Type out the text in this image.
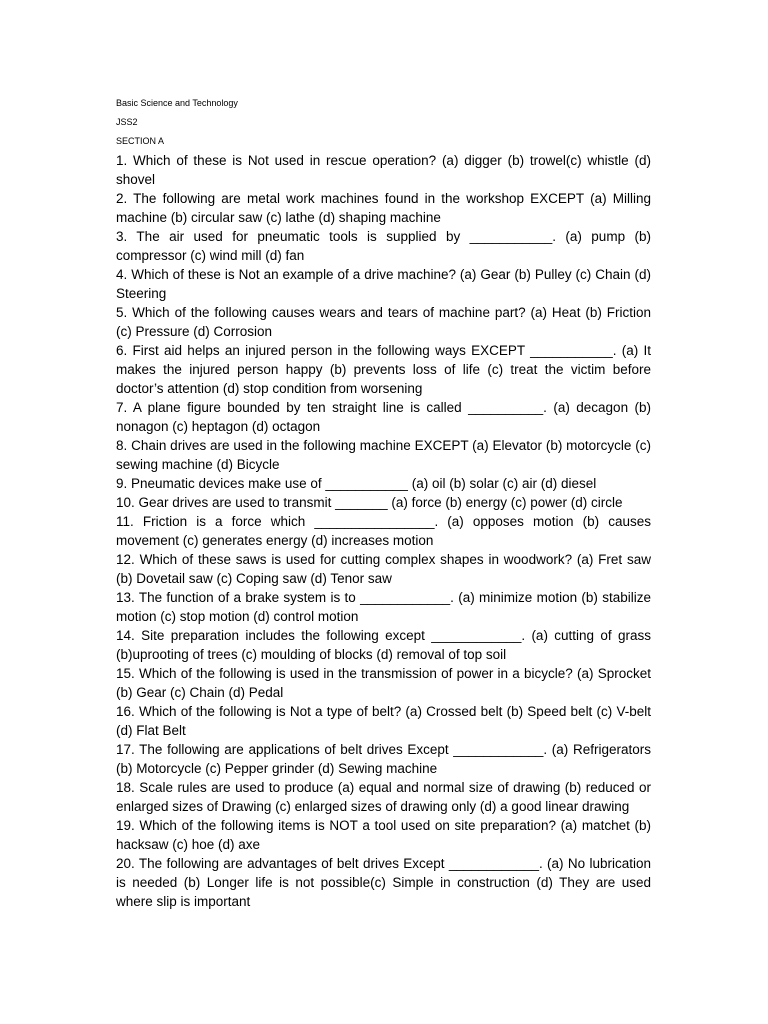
Basic Science and Technology
JSS2
SECTION A

1. Which of these is Not used in rescue operation? (a) digger (b) trowel(c) whistle (d) shovel

2. The following are metal work machines found in the workshop EXCEPT (a) Milling machine (b) circular saw (c) lathe (d) shaping machine

3. The air used for pneumatic tools is supplied by ___________. (a) pump (b) compressor (c) wind mill (d) fan

4. Which of these is Not an example of a drive machine? (a) Gear (b) Pulley (c) Chain (d) Steering

5. Which of the following causes wears and tears of machine part? (a) Heat (b) Friction (c) Pressure (d) Corrosion

6. First aid helps an injured person in the following ways EXCEPT ___________. (a) It makes the injured person happy (b) prevents loss of life (c) treat the victim before doctor’s attention (d) stop condition from worsening

7. A plane figure bounded by ten straight line is called __________. (a) decagon (b) nonagon (c) heptagon (d) octagon

8. Chain drives are used in the following machine EXCEPT (a) Elevator (b) motorcycle (c) sewing machine (d) Bicycle

9. Pneumatic devices make use of ___________ (a) oil (b) solar (c) air (d) diesel

10. Gear drives are used to transmit _______ (a) force (b) energy (c) power (d) circle

11. Friction is a force which ________________. (a) opposes motion (b) causes movement (c) generates energy (d) increases motion

12. Which of these saws is used for cutting complex shapes in woodwork? (a) Fret saw (b) Dovetail saw (c) Coping saw (d) Tenor saw

13. The function of a brake system is to ____________. (a) minimize motion (b) stabilize motion (c) stop motion (d) control motion

14. Site preparation includes the following except ____________. (a) cutting of grass (b)uprooting of trees (c) moulding of blocks (d) removal of top soil

15. Which of the following is used in the transmission of power in a bicycle? (a) Sprocket (b) Gear (c) Chain (d) Pedal

16. Which of the following is Not a type of belt? (a) Crossed belt (b) Speed belt (c) V-belt (d) Flat Belt

17. The following are applications of belt drives Except ____________. (a) Refrigerators (b) Motorcycle (c) Pepper grinder (d) Sewing machine

18. Scale rules are used to produce (a) equal and normal size of drawing (b) reduced or enlarged sizes of Drawing (c) enlarged sizes of drawing only (d) a good linear drawing

19. Which of the following items is NOT a tool used on site preparation? (a) matchet (b) hacksaw (c) hoe (d) axe

20. The following are advantages of belt drives Except ____________. (a) No lubrication is needed (b) Longer life is not possible(c) Simple in construction (d) They are used where slip is important
